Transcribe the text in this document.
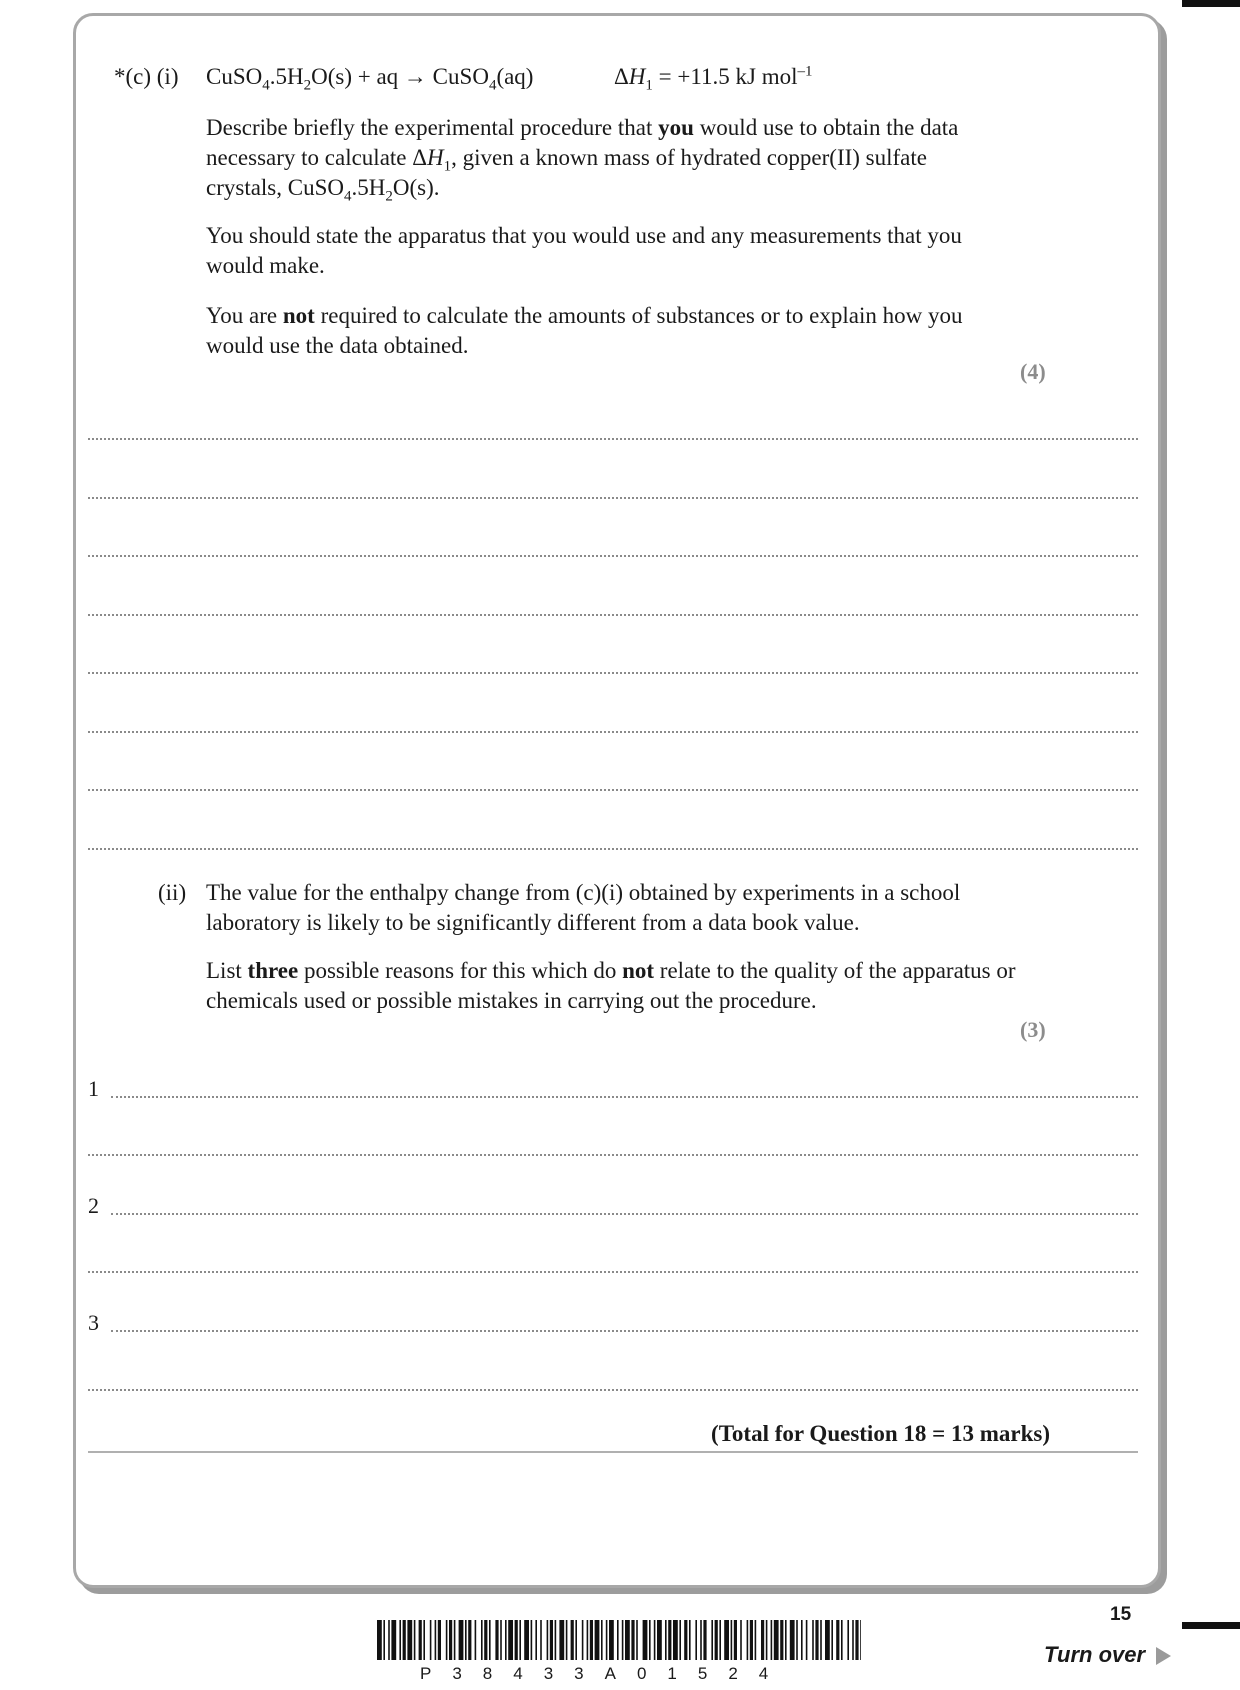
*(c) (i) $CuSO_4.5H_2O(s)$ + aq → CuSO$_4$(aq)	$\Delta H_1 = +11.5$ kJ mol$^{-1}$
Describe briefly the experimental procedure that you would use to obtain the data necessary to calculate $\Delta H_1$, given a known mass of hydrated copper(II) sulfate crystals, $CuSO_4.5H_2O(s)$.
You should state the apparatus that you would use and any measurements that you would make.
You are not required to calculate the amounts of substances or to explain how you would use the data obtained.
(4)
(ii) The value for the enthalpy change from (c)(i) obtained by experiments in a school laboratory is likely to be significantly different from a data book value.
List three possible reasons for this which do not relate to the quality of the apparatus or chemicals used or possible mistakes in carrying out the procedure.
(3)
1
2
3
(Total for Question 18 = 13 marks)
P38433A01524
15
Turn over
